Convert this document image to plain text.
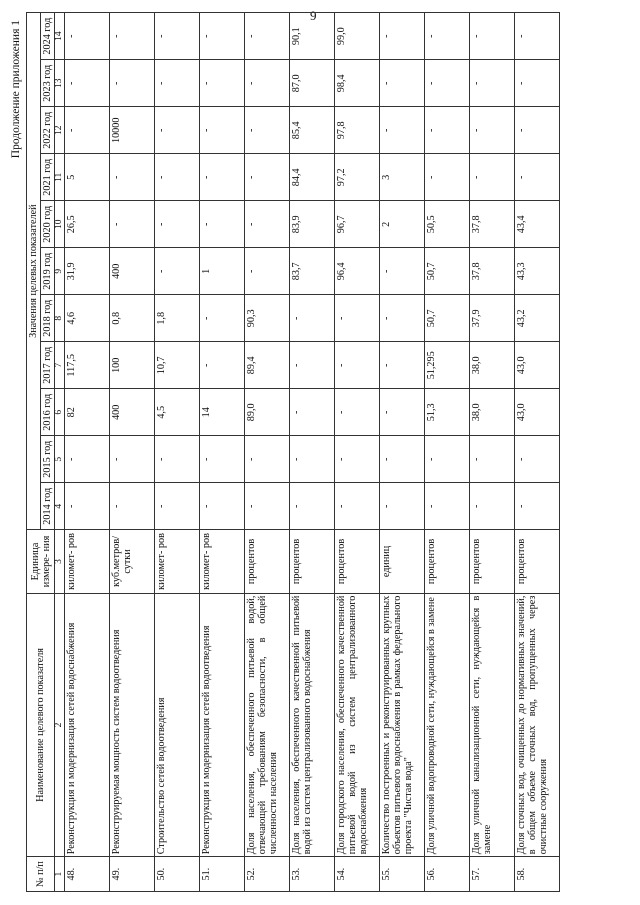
9
Продолжение приложения 1
№ п/п	Наименование целевого показателя	Единица измере- ния	Значения целевых показателей										
			2014 год	2015 год	2016 год	2017 год	2018 год	2019 год	2020 год	2021 год	2022 год	2023 год	2024 год
1	2	3	4	5	6	7	8	9	10	11	12	13	14
48.	Реконструкция и модернизация сетей водоснабжения	километ- ров	-	-	82	117,5	4,6	31,9	26,5	5	-	-	-
49.	Реконструируемая мощность систем водоотведения	куб.метров/ сутки	-	-	400	100	0,8	400	-	-	10000	-	-
50.	Строительство сетей водоотведения	километ- ров	-	-	4,5	10,7	1,8	-	-	-	-	-	-
51.	Реконструкция и модернизация сетей водоотведения	километ- ров	-	-	14	-	-	1	-	-	-	-	-
52.	Доля населения, обеспеченного питьевой водой, отвечающей требованиям безопасности, в общей численности населения	процентов	-	-	89,0	89,4	90,3	-	-	-	-	-	-
53.	Доля населения, обеспеченного качественной питьевой водой из систем централизованного водоснабжения	процентов	-	-	-	-	-	83,7	83,9	84,4	85,4	87,0	90,1
54.	Доля городского населения, обеспеченного качественной питьевой водой из систем централизованного водоснабжения	процентов	-	-	-	-	-	96,4	96,7	97,2	97,8	98,4	99,0
55.	Количество построенных и реконструированных крупных объектов питьевого водоснабжения в рамках федерального проекта "Чистая вода"	единиц	-	-	-	-	-	-	2	3	-	-	-
56.	Доля уличной водопроводной сети, нуждающейся в замене	процентов	-	-	51,3	51,295	50,7	50,7	50,5	-	-	-	-
57.	Доля уличной канализационной сети, нуждающейся в замене	процентов	-	-	38,0	38,0	37,9	37,8	37,8	-	-	-	-
58.	Доля сточных вод, очищенных до нормативных значений, в общем объеме сточных вод, пропущенных через очистные сооружения	процентов	-	-	43,0	43,0	43,2	43,3	43,4	-	-	-	-
